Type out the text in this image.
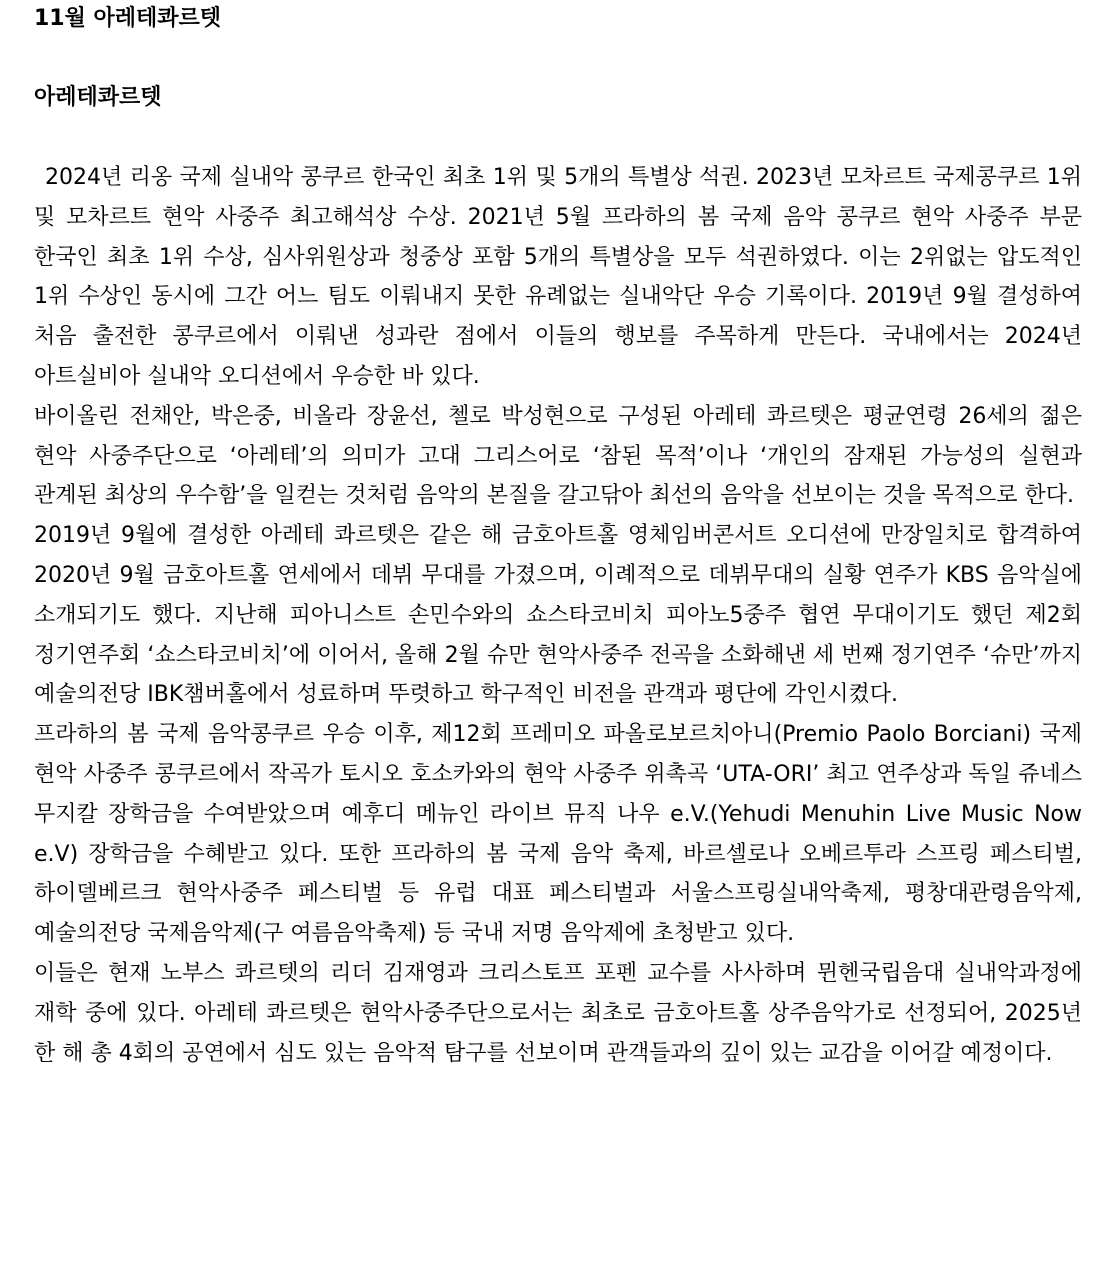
11월 아레테콰르텟
아레테콰르텟

2024년 리옹 국제 실내악 콩쿠르 한국인 최초 1위 및 5개의 특별상 석권. 2023년 모차르트 국제콩쿠르 1위 및 모차르트 현악 사중주 최고해석상 수상. 2021년 5월 프라하의 봄 국제 음악 콩쿠르 현악 사중주 부문 한국인 최초 1위 수상, 심사위원상과 청중상 포함 5개의 특별상을 모두 석권하였다. 이는 2위없는 압도적인 1위 수상인 동시에 그간 어느 팀도 이뤄내지 못한 유례없는 실내악단 우승 기록이다. 2019년 9월 결성하여 처음 출전한 콩쿠르에서 이뤄낸 성과란 점에서 이들의 행보를 주목하게 만든다. 국내에서는 2024년 아트실비아 실내악 오디션에서 우승한 바 있다.

바이올린 전채안, 박은중, 비올라 장윤선, 첼로 박성현으로 구성된 아레테 콰르텟은 평균연령 26세의 젊은 현악 사중주단으로 ‘아레테’의 의미가 고대 그리스어로 ‘참된 목적’이나 ‘개인의 잠재된 가능성의 실현과 관계된 최상의 우수함’을 일컫는 것처럼 음악의 본질을 갈고닦아 최선의 음악을 선보이는 것을 목적으로 한다.

2019년 9월에 결성한 아레테 콰르텟은 같은 해 금호아트홀 영체임버콘서트 오디션에 만장일치로 합격하여 2020년 9월 금호아트홀 연세에서 데뷔 무대를 가졌으며, 이례적으로 데뷔무대의 실황 연주가 KBS 음악실에 소개되기도 했다. 지난해 피아니스트 손민수와의 쇼스타코비치 피아노5중주 협연 무대이기도 했던 제2회 정기연주회 ‘쇼스타코비치’에 이어서, 올해 2월 슈만 현악사중주 전곡을 소화해낸 세 번째 정기연주 ‘슈만’까지 예술의전당 IBK챔버홀에서 성료하며 뚜렷하고 학구적인 비전을 관객과 평단에 각인시켰다.

프라하의 봄 국제 음악콩쿠르 우승 이후, 제12회 프레미오 파올로보르치아니(Premio Paolo Borciani) 국제 현악 사중주 콩쿠르에서 작곡가 토시오 호소카와의 현악 사중주 위촉곡 ‘UTA-ORI’ 최고 연주상과 독일 쥬네스 무지칼 장학금을 수여받았으며 예후디 메뉴인 라이브 뮤직 나우 e.V.(Yehudi Menuhin Live Music Now e.V) 장학금을 수혜받고 있다. 또한 프라하의 봄 국제 음악 축제, 바르셀로나 오베르투라 스프링 페스티벌, 하이델베르크 현악사중주 페스티벌 등 유럽 대표 페스티벌과 서울스프링실내악축제, 평창대관령음악제, 예술의전당 국제음악제(구 여름음악축제) 등 국내 저명 음악제에 초청받고 있다.

이들은 현재 노부스 콰르텟의 리더 김재영과 크리스토프 포펜 교수를 사사하며 뮌헨국립음대 실내악과정에 재학 중에 있다. 아레테 콰르텟은 현악사중주단으로서는 최초로 금호아트홀 상주음악가로 선정되어, 2025년 한 해 총 4회의 공연에서 심도 있는 음악적 탐구를 선보이며 관객들과의 깊이 있는 교감을 이어갈 예정이다.
